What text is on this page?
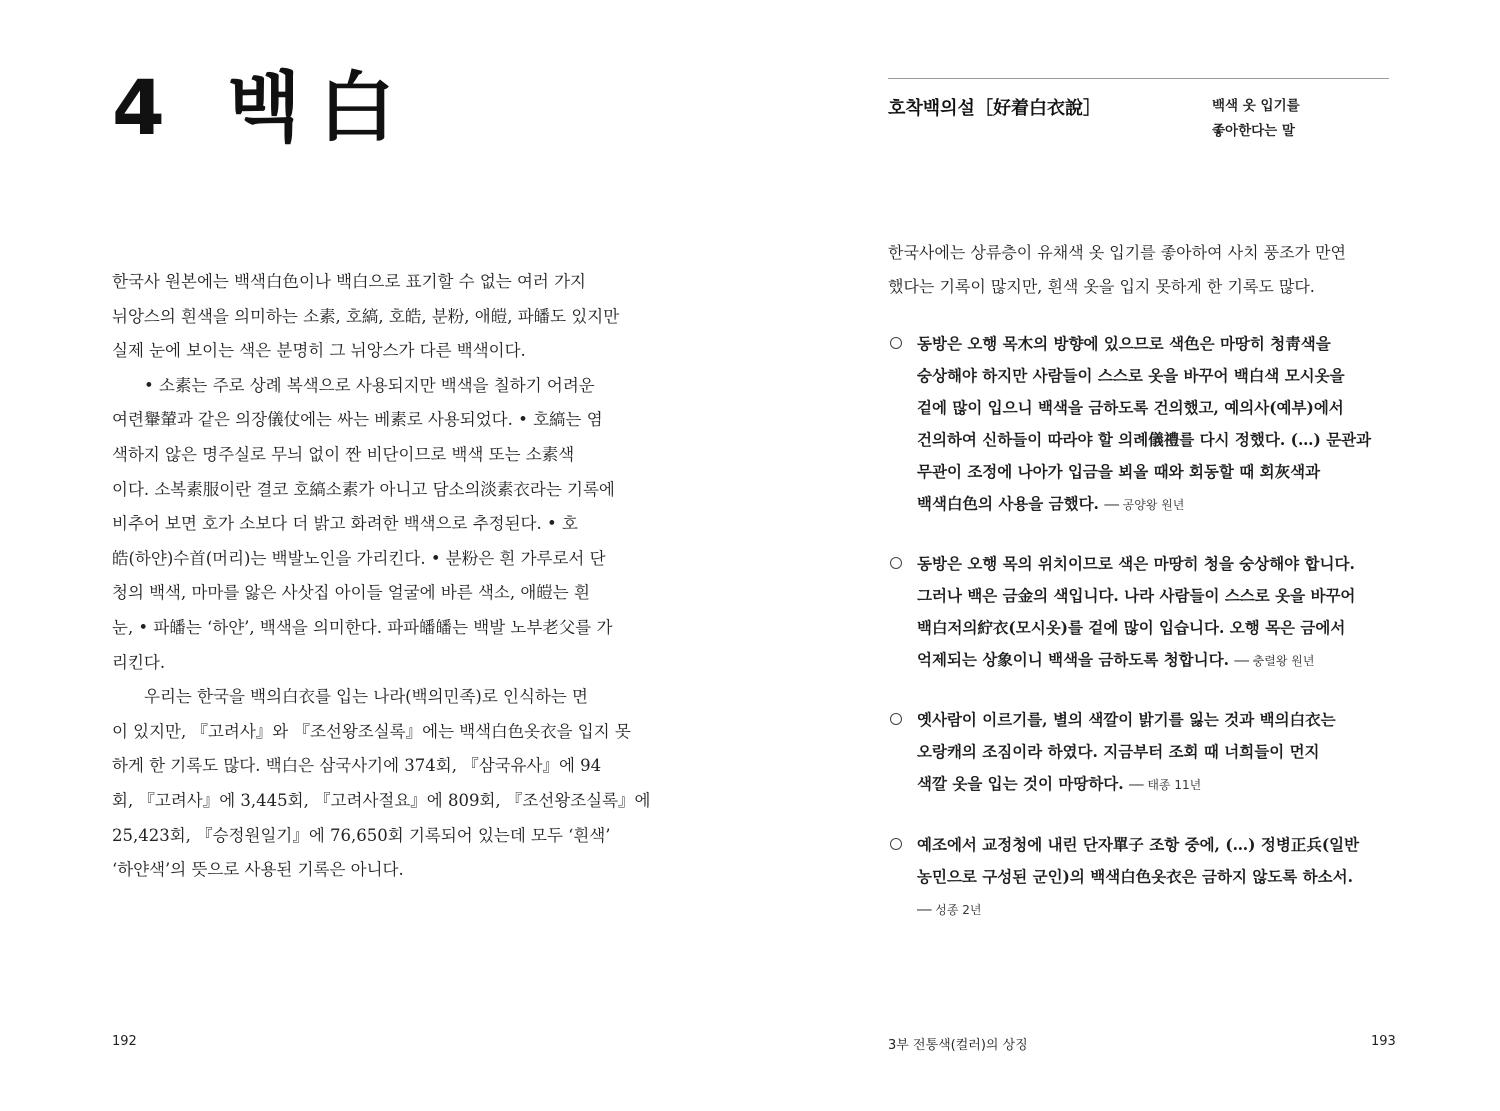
4 백白

한국사 원본에는 백색白色이나 백白으로 표기할 수 없는 여러 가지
뉘앙스의 흰색을 의미하는 소素, 호縞, 호皓, 분粉, 애皚, 파皤도 있지만
실제 눈에 보이는 색은 분명히 그 뉘앙스가 다른 백색이다.

• 소素는 주로 상례 복색으로 사용되지만 백색을 칠하기 어려운
여련轝輦과 같은 의장儀仗에는 싸는 베素로 사용되었다. • 호縞는 염
색하지 않은 명주실로 무늬 없이 짠 비단이므로 백색 또는 소素색
이다. 소복素服이란 결코 호縞소素가 아니고 담소의淡素衣라는 기록에
비추어 보면 호가 소보다 더 밝고 화려한 백색으로 추정된다. • 호
皓(하얀)수首(머리)는 백발노인을 가리킨다. • 분粉은 흰 가루로서 단
청의 백색, 마마를 앓은 사삿집 아이들 얼굴에 바른 색소, 애皚는 흰
눈, • 파皤는 ‘하얀’, 백색을 의미한다. 파파皤皤는 백발 노부老父를 가
리킨다.

우리는 한국을 백의白衣를 입는 나라(백의민족)로 인식하는 면
이 있지만, 『고려사』와 『조선왕조실록』에는 백색白色옷衣을 입지 못
하게 한 기록도 많다. 백白은 삼국사기에 374회, 『삼국유사』에 94
회, 『고려사』에 3,445회, 『고려사절요』에 809회, 『조선왕조실록』에
25,423회, 『승정원일기』에 76,650회 기록되어 있는데 모두 ‘흰색’
‘하얀색’의 뜻으로 사용된 기록은 아니다.

192
호착백의설［好着白衣說］	백색 옷 입기를
좋아한다는 말
한국사에는 상류층이 유채색 옷 입기를 좋아하여 사치 풍조가 만연
했다는 기록이 많지만, 흰색 옷을 입지 못하게 한 기록도 많다.
동방은 오행 목木의 방향에 있으므로 색色은 마땅히 청靑색을
숭상해야 하지만 사람들이 스스로 옷을 바꾸어 백白색 모시옷을
겉에 많이 입으니 백색을 금하도록 건의했고, 예의사(예부)에서
건의하여 신하들이 따라야 할 의례儀禮를 다시 정했다. (…) 문관과
무관이 조정에 나아가 입금을 뵈올 때와 회동할 때 회灰색과
백색白色의 사용을 금했다. ── 공양왕 원년
동방은 오행 목의 위치이므로 색은 마땅히 청을 숭상해야 합니다.
그러나 백은 금金의 색입니다. 나라 사람들이 스스로 옷을 바꾸어
백白저의紵衣(모시옷)를 겉에 많이 입습니다. 오행 목은 금에서
억제되는 상象이니 백색을 금하도록 청합니다. ── 충렬왕 원년
옛사람이 이르기를, 별의 색깔이 밝기를 잃는 것과 백의白衣는
오랑캐의 조짐이라 하였다. 지금부터 조회 때 너희들이 먼지
색깔 옷을 입는 것이 마땅하다. ── 태종 11년
예조에서 교정청에 내린 단자單子 조항 중에, (…) 정병正兵(일반
농민으로 구성된 군인)의 백색白色옷衣은 금하지 않도록 하소서.
── 성종 2년
3부 전통색(컬러)의 상징	193
